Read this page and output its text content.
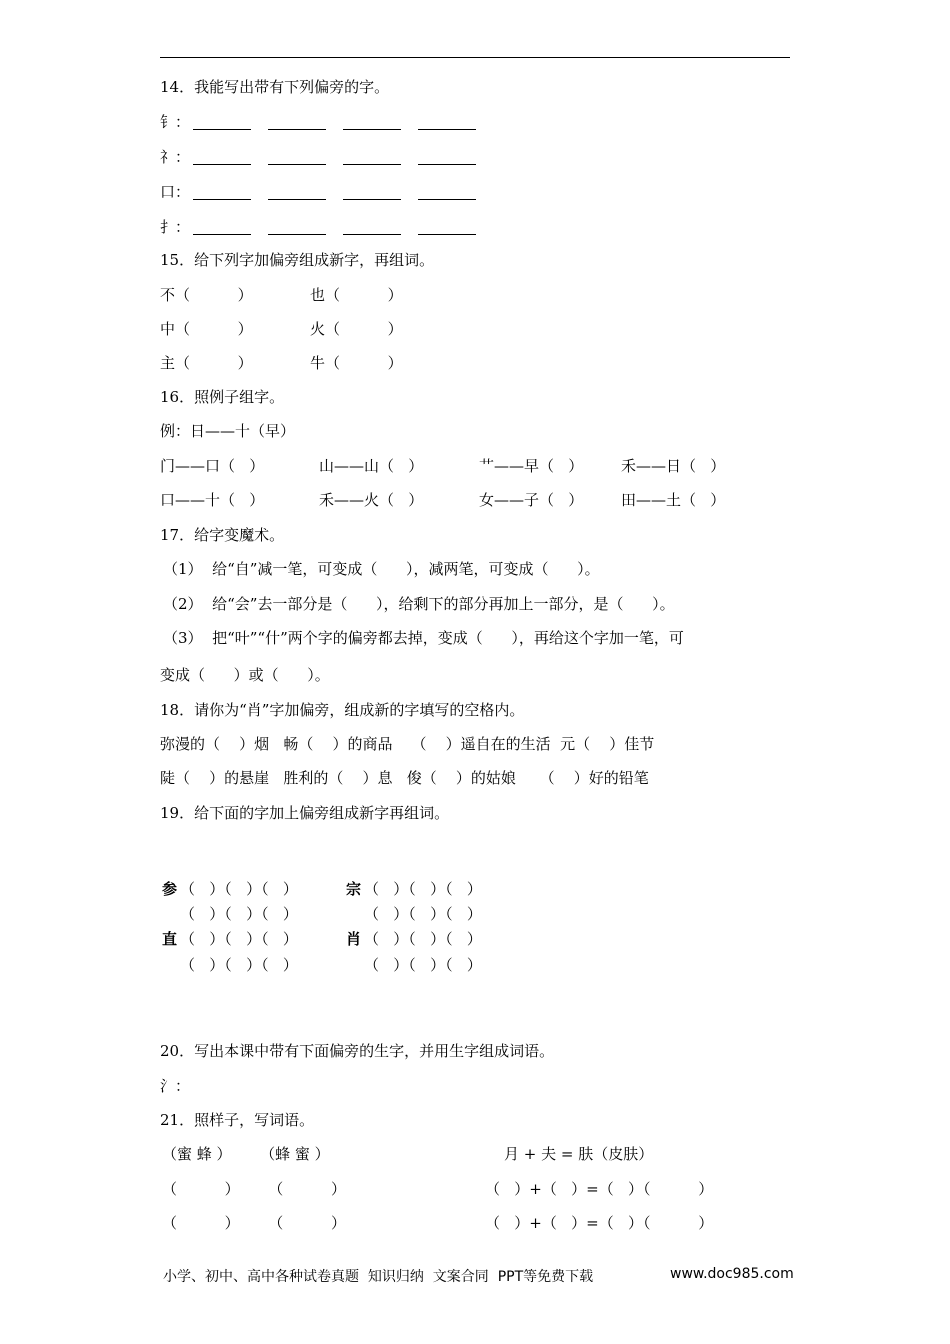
14．我能写出带有下列偏旁的字。
钅：
礻：
口：
扌：
15．给下列字加偏旁组成新字，再组词。
不（          ）	也（          ）
中（          ）	火（          ）
主（          ）	牛（          ）
16．照例子组字。
例：日——十（早）
门——口（   ）	山——山（   ）	艹——早（   ）	禾——日（   ）
口——十（   ）	禾——火（   ）	女——子（   ）	田——土（   ）
17．给字变魔术。
（1）  给“自”减一笔，可变成（      ），减两笔，可变成（      ）。
（2）  给“会”去一部分是（      ），给剩下的部分再加上一部分，是（      ）。
（3）  把“叶”“什”两个字的偏旁都去掉，变成（      ），再给这个字加一笔，可
变成（      ）或（      ）。
18．请你为“肖”字加偏旁，组成新的字填写的空格内。
弥漫的（    ）烟   畅（    ）的商品    （    ）遥自在的生活  元（    ）佳节
陡（    ）的悬崖   胜利的（    ）息   俊（    ）的姑娘     （    ）好的铅笔
19．给下面的字加上偏旁组成新字再组词。
参 （   ）（   ）（   ）
（   ）（   ）（   ）
直 （   ）（   ）（   ）
（   ）（   ）（   ）
宗 （   ）（   ）（   ）
（   ）（   ）（   ）
肖 （   ）（   ）（   ）
（   ）（   ）（   ）
20．写出本课中带有下面偏旁的生字，并用生字组成词语。
氵：
21．照样子，写词语。
（蜜 蜂 ）      （蜂 蜜 ）	月 + 夫 = 肤（皮肤）
（          ）      （          ）	（   ）+（   ）=（   ）（          ）
（          ）      （          ）	（   ）+（   ）=（   ）（          ）
小学、初中、高中各种试卷真题  知识归纳  文案合同  PPT等免费下载	www.doc985.com
